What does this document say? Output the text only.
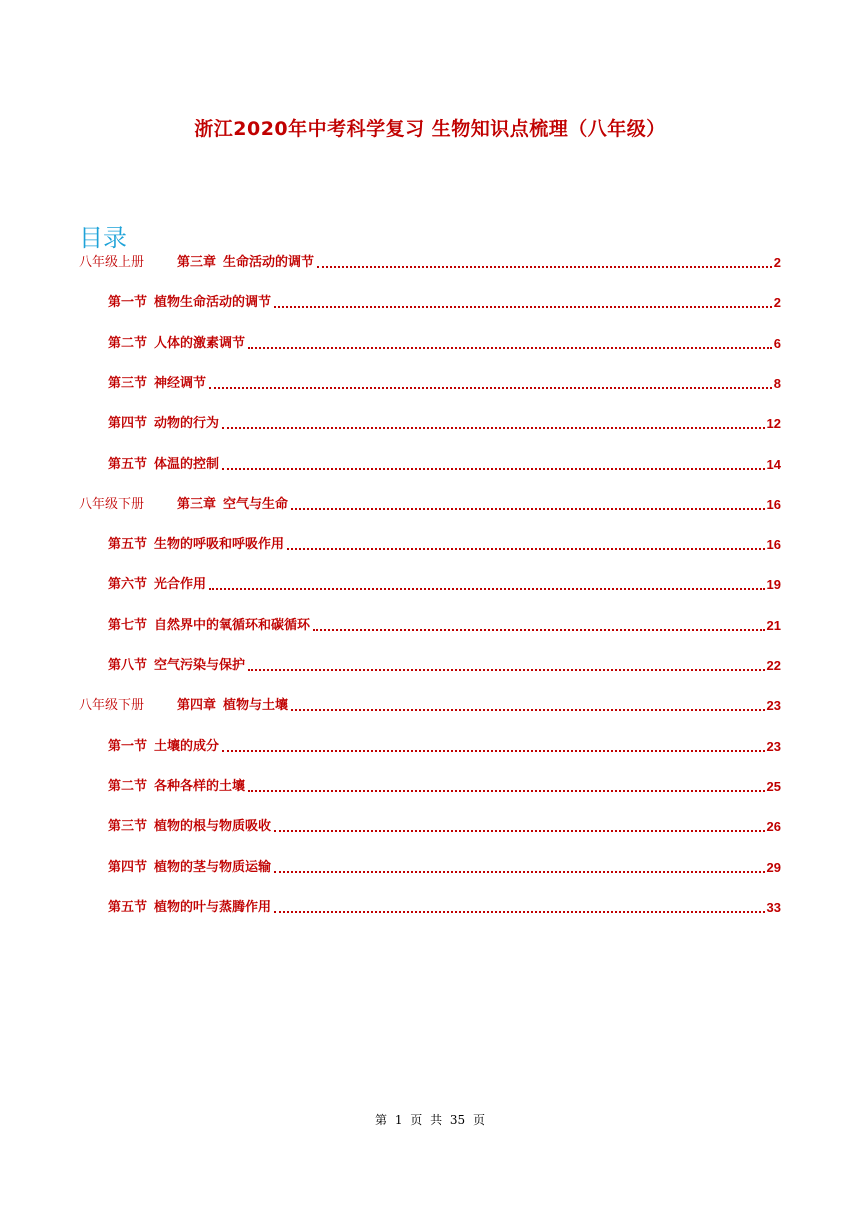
浙江2020年中考科学复习 生物知识点梳理（八年级）
目录
八年级上册	第三章 生命活动的调节	2
第一节 植物生命活动的调节	2
第二节 人体的激素调节	6
第三节 神经调节	8
第四节 动物的行为	12
第五节 体温的控制	14
八年级下册	第三章 空气与生命	16
第五节 生物的呼吸和呼吸作用	16
第六节 光合作用	19
第七节 自然界中的氧循环和碳循环	21
第八节 空气污染与保护	22
八年级下册	第四章 植物与土壤	23
第一节 土壤的成分	23
第二节 各种各样的土壤	25
第三节 植物的根与物质吸收	26
第四节 植物的茎与物质运输	29
第五节 植物的叶与蒸腾作用	33
第 1 页 共 35 页
